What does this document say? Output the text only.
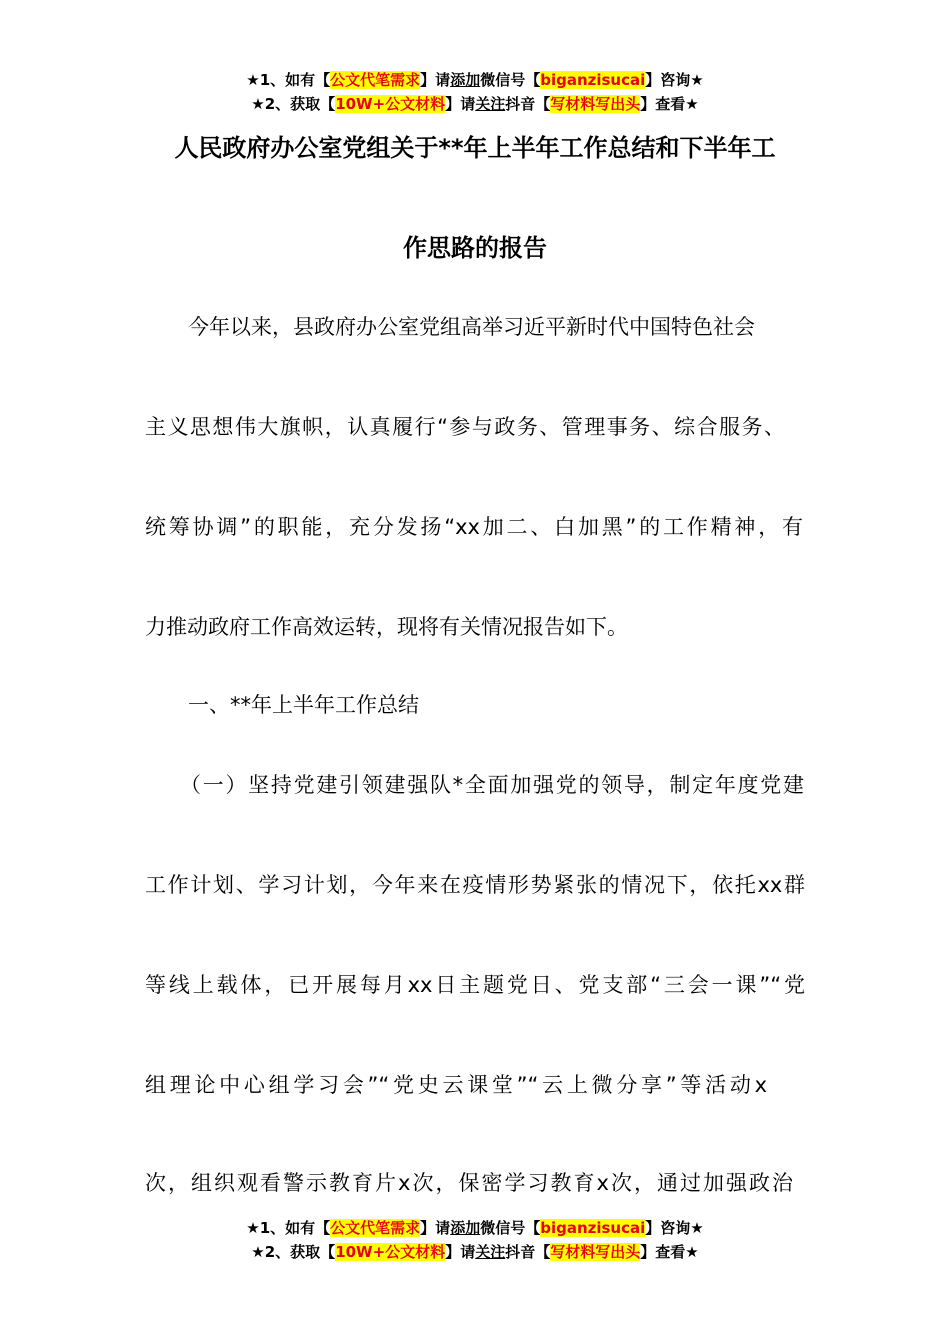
★1、如有【公文代笔需求】请添加微信号【biganzisucai】咨询★
★2、获取【10W+公文材料】请关注抖音【写材料写出头】查看★
人民政府办公室党组关于**年上半年工作总结和下半年工
作思路的报告
今年以来，县政府办公室党组高举习近平新时代中国特色社会
主义思想伟大旗帜，认真履行“参与政务、管理事务、综合服务、
统筹协调”的职能，充分发扬“xx加二、白加黑”的工作精神，有
力推动政府工作高效运转，现将有关情况报告如下。
一、**年上半年工作总结
（一）坚持党建引领建强队*全面加强党的领导，制定年度党建
工作计划、学习计划，今年来在疫情形势紧张的情况下，依托xx群
等线上载体，已开展每月xx日主题党日、党支部“三会一课”“党
组理论中心组学习会”“党史云课堂”“云上微分享”等活动x
次，组织观看警示教育片x次，保密学习教育x次，通过加强政治
★1、如有【公文代笔需求】请添加微信号【biganzisucai】咨询★
★2、获取【10W+公文材料】请关注抖音【写材料写出头】查看★
